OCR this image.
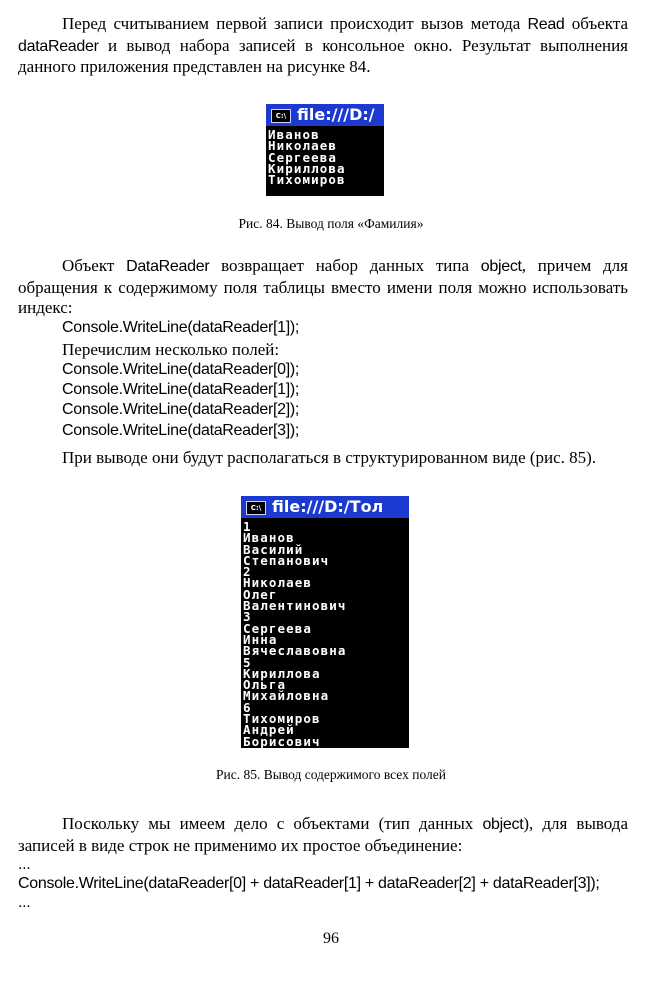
Перед считыванием первой записи происходит вызов метода Read объекта dataReader и вывод набора записей в консольное окно. Результат выполнения данного приложения представлен на рисунке 84.
C:\ file:///D:/
Иванов
Николаев
Сергеева
Кириллова
Тихомиров
Рис. 84. Вывод поля «Фамилия»
Объект DataReader возвращает набор данных типа object, причем для обращения к содержимому поля таблицы вместо имени поля можно использовать индекс:
Console.WriteLine(dataReader[1]);
Перечислим несколько полей:
Console.WriteLine(dataReader[0]);
Console.WriteLine(dataReader[1]);
Console.WriteLine(dataReader[2]);
Console.WriteLine(dataReader[3]);
При выводе они будут располагаться в структурированном виде (рис. 85).
C:\ file:///D:/Тол
1
Иванов
Василий
Степанович
2
Николаев
Олег
Валентинович
3
Сергеева
Инна
Вячеславовна
5
Кириллова
Ольга
Михайловна
6
Тихомиров
Андрей
Борисович
Рис. 85. Вывод содержимого всех полей
Поскольку мы имеем дело с объектами (тип данных object), для вывода записей в виде строк не применимо их простое объединение:
...
Console.WriteLine(dataReader[0] + dataReader[1] + dataReader[2] + dataReader[3]);
...
96
